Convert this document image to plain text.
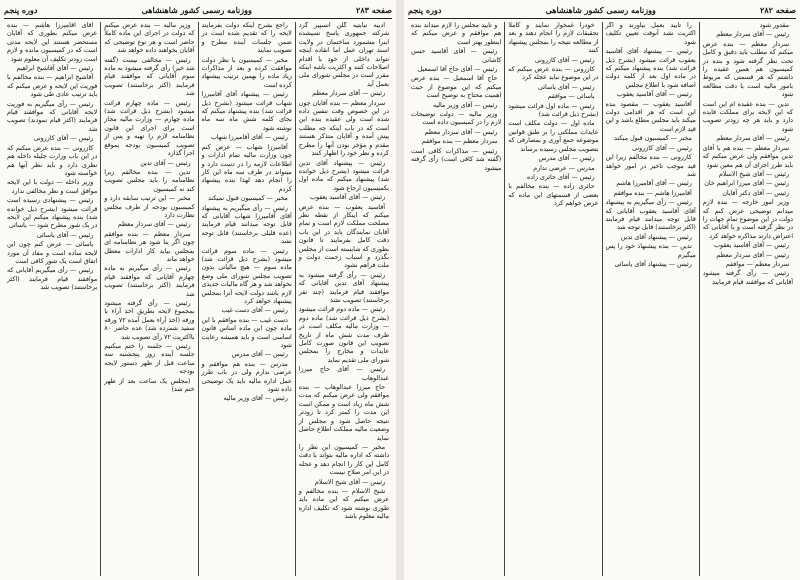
صفحه ۲۸۳
ووزنامه رسمی کشور شاهنشاهی
دوره پنجم

ادبیه نیابتیه گلن انسپیر گرد شرکته جمهوری پاسخ نسپشده اینرا مشمورد ساختمان در ولایت اسند تهران عمل اما انقاده اینچه نتواند داخلی از خود با اقدام اصلاحات کنند و اکثریت باشه اینکه مقرر است در مجلس شورای ملی بعمل آید

رئیس — آقای سردار معظم

سردار معظم — بنده آقایان چون در این خصوص وقت تنفس داده شده است ولی عقیده بنده این است که در باب اینکه چه مطلب پیش آمده و آقایان متذکر هستند مقدم و مؤخر بودن آنها را مطرح کرده و نظر خود را اظهار کنند

رئیس — پیشنهاد آقای تدین قرائت میشود (بشرح ذیل خوانده شد) پیشنهاد میکنم که ماده اول بکمیسیون ارجاع شود

رئیس — آقای آقاسید یعقوب

آقاسید یعقوب — بنده عرض میکنم که اینکار از نقطه نظر مصلحت مملکت لازم است و تمام آقایان نمایندگان باید در این باب دقت کامل بفرمایند تا قانون بطوری که شایسته است از مجلس بگذرد و اسباب زحمت دولت و ملت فراهم نشود

رئیس — رأی گرفته میشود به پیشنهاد آقای تدین آقایانی که موافقند قیام فرمایند (چند نفر برخاستند) تصویب نشد

رئیس — ماده دوم قرائت میشود (بشرح ذیل قرائت شد) ماده دوم — وزارت مالیه مکلف است در ظرف مدت شش ماه از تاریخ تصویب این قانون صورت کامل عایدات و مخارج را بمجلس شورای ملی تقدیم نماید

رئیس — آقای حاج میرزا عبدالوهاب

حاج میرزا عبدالوهاب — بنده موافقم ولی عرض میکنم که مدت شش ماه زیاد است و ممکن است این مدت را کمتر کرد تا زودتر نتیجه حاصل شود و مجلس از وضعیت مالیه مملکت اطلاع حاصل نماید

مخبر — کمیسیون این نظر را داشته که اداره مالیه بتواند با دقت کامل این کار را انجام دهد و عجله در این امر صلاح نیست

رئیس — آقای شیخ الاسلام

شیخ الاسلام — بنده مخالفم و عرض میکنم که این ماده باید طوری نوشته شود که تکلیف اداره مالیه معلوم باشد

راجع بشرح اینکه دولت بفرمایند لایحه را که تقدیم شده است در ضمن جلسات آینده مطرح و تصویب نمایند

مخبر — کمیسیون با نظر دولت موافقت کرده و بعد از مذاکرات زیاد ماده را بهمین ترتیب پیشنهاد کرده است

رئیس — پیشنهاد آقای آقامیرزا شهاب قرائت میشود (بشرح ذیل قرائت شد) بنده پیشنهاد میکنم که بجای کلمه شش ماه سه ماه نوشته شود

رئیس — آقای آقامیرزا شهاب

آقامیرزا شهاب — عرض کنم چون وزارت مالیه تمام ادارات و اطلاعات لازمه را در دست دارد و میتواند در ظرف سه ماه این کار را انجام دهد لهذا بنده پیشنهاد کردم

مخبر — کمیسیون قبول نمیکند

رئیس — رأی میگیریم به پیشنهاد آقای آقامیرزا شهاب آقایانی که قابل توجه میدانند قیام فرمایند (عده قلیلی برخاستند) قابل توجه نشد

رئیس — ماده سوم قرائت میشود (بشرح ذیل قرائت شد) ماده سوم — هیچ مالیاتی بدون تصویب مجلس شورای ملی وضع نخواهد شد و هر گاه مالیات جدیدی لازم باشد دولت لایحه آنرا بمجلس پیشنهاد خواهد کرد

رئیس — آقای دست غیب

دست غیب — بنده موافقم با این ماده چون این ماده اساس قانون اساسی است و باید همیشه رعایت شود

رئیس — آقای مدرس

مدرس — بنده هم موافقم و عرضی ندارم ولی در باب طرز عمل اداره مالیه باید یک توضیحی داده شود

رئیس — آقای وزیر مالیه

وزیر مالیه — بنده عرض میکنم که دولت در اجرای این ماده کاملاً حاضر است و هر نوع توضیحی که آقایان بخواهند داده خواهد شد

رئیس — مخالفی نیست (گفته شد خیر) رأی گرفته میشود به ماده سوم آقایانی که موافقند قیام فرمایند (اکثر برخاستند) تصویب شد

رئیس — ماده چهارم قرائت میشود (بشرح ذیل قرائت شد) ماده چهارم — وزارت مالیه مجاز است برای اجرای این قانون نظامنامه لازم را تهیه و پس از تصویب کمیسیون بودجه بموقع اجرا گذارد

رئیس — آقای تدین

تدین — بنده مخالفم زیرا نظامنامه را باید مجلس تصویب کند نه کمیسیون

مخبر — این ترتیب سابقه دارد و کمیسیون بودجه از طرف مجلس نظارت دارد

رئیس — آقای سردار معظم

سردار معظم — بنده موافقم چون اگر بنا شود هر نظامنامه ای بمجلس بیاید کار ادارات معطل خواهد ماند

رئیس — رأی میگیریم به ماده چهارم آقایانی که موافقند قیام فرمایند (اکثر برخاستند) تصویب شد

رئیس — رأی گرفته میشود بمجموع لایحه بطریق اخذ آراء با ورقه (اخذ آراء بعمل آمده ۷۲ ورقه سفید شمرده شد) عده حاضر ۸۰ بااکثریت ۷۲ رأی تصویب شد

رئیس — جلسه را ختم میکنیم جلسه آینده روز پنجشنبه سه ساعت قبل از ظهر دستور لایحه بودجه

(مجلس یک ساعت بعد از ظهر ختم شد)

آقای آقامیرزا هاشم — بنده عرض میکنم بطوری که آقایان مستحضر هستند این لایحه مدتی است که در کمیسیون مانده و لازم است زودتر تکلیف آن معلوم شود

رئیس — آقای آقاشیخ ابراهیم

آقاشیخ ابراهیم — بنده مخالفم با فوریت این لایحه و عرض میکنم که باید ترتیب عادی طی شود

رئیس — رأی میگیریم به فوریت لایحه آقایانی که موافقند قیام فرمایند (اکثر قیام نمودند) تصویب شد

رئیس — آقای کازرونی

کازرونی — بنده عرض میکنم که در این باب وزارت جلیله داخله هم نظری دارد و باید نظر آنها هم خواسته شود

وزیر داخله — دولت با این لایحه موافق است و نظر مخالفی ندارد

رئیس — پیشنهادی رسیده است قرائت میشود (بشرح ذیل خوانده شد) بنده پیشنهاد میکنم این لایحه در یک شور مطرح شود — یاسائی

رئیس — آقای یاسائی

یاسائی — عرض کنم چون این لایحه ساده است و مفاد آن مورد اتفاق است یک شور کافی است

رئیس — رأی میگیریم آقایانی که موافقند قیام فرمایند (اکثر برخاستند) تصویب شد

صفحه ۲۸۲
ووزنامه رسمی کشور شاهنشاهی
دوره پنجم

مقدور شود

رئیس — آقای سردار معظم

سردار معظم — بنده عرض میکنم که مطلب باید دقیق و کامل تحت نظر گرفته شود و بنده در کمیسیون هم همین عقیده را داشتم که هر قسمتی که مربوط بامور مالیه است با دقت مطالعه شود

تدین — بنده عقیده ام این است که این لایحه برای مملکت فایده دارد و باید هر چه زودتر تصویب شود

رئیس — آقای سردار معظم

سردار معظم — بنده هم با آقای تدین موافقم ولی عرض میکنم که باید طرز اجرای آن هم معین شود

رئیس — آقای شیخ الاسلام

رئیس — آقای میرزا ابراهیم خان

رئیس — آقای دکتر آقایان

وزیر امور خارجه — بنده لازم میدانم توضیحی عرض کنم که دولت در این موضوع تمام جهات را در نظر گرفته است و با آقایانی که اعتراض دارند مذاکره خواهد کرد

رئیس — آقای آقاسید یعقوب

رئیس — آقای سردار معظم

سردار معظم — موافقم

رئیس — رأی گرفته میشود آقایانی که موافقند قیام فرمایند

را تایید بعمل بیاورند و اگر اکثریت نشد آنوقت تعیین تکلیف شود

رئیس — پیشنهاد آقای آقاسید یعقوب قرائت میشود (بشرح ذیل قرائت شد) بنده پیشنهاد میکنم که در ماده اول بعد از کلمه دولت اضافه شود با اطلاع مجلس

رئیس — آقای آقاسید یعقوب

آقاسید یعقوب — مقصود بنده این است که هر اقدامی دولت میکند باید مجلس مطلع باشد و این قید لازم است

مخبر — کمیسیون قبول میکند

رئیس — آقای کازرونی

کازرونی — بنده مخالفم زیرا این قید موجب تاخیر در امور خواهد شد

رئیس — آقای آقامیرزا هاشم

آقامیرزا هاشم — بنده موافقم

رئیس — رأی میگیریم به پیشنهاد آقای آقاسید یعقوب آقایانی که قابل توجه میدانند قیام فرمایند (اکثر برخاستند) قابل توجه شد

رئیس — پیشنهاد آقای تدین

تدین — بنده پیشنهاد خود را پس میگیرم

رئیس — پیشنهاد آقای یاسائی

خودرا غمخوار نمایند و کاملاً تحقیقات لازم را انجام دهند و بعد از مطالعه نتیجه را بمجلس پیشنهاد کنند

رئیس — آقای کازرونی

کازرونی — بنده عرض میکنم که در این موضوع نباید عجله کرد

رئیس — آقای یاسائی

یاسائی — موافقم

رئیس — ماده اول قرائت میشود (بشرح ذیل قرائت شد)

ماده اول — دولت مکلف است عایدات مملکتی را بر طبق قوانین موضوعه جمع آوری و بمصارفی که بتصویب مجلس رسیده برساند

رئیس — آقای مدرس

مدرس — عرضی ندارم

رئیس — آقای حائری زاده

حائری زاده — بنده مخالفم با بعضی از قسمتهای این ماده که عرض خواهم کرد

و تایید مجلس را لازم میداند بنده هم موافقم و عرض میکنم که اینطور بهتر است

رئیس — آقای آقاسید حسن کاشانی

رئیس — آقای حاج آقا اسمعیل

حاج آقا اسمعیل — بنده عرض میکنم که این موضوع از حیث اهمیت محتاج به توضیح است

رئیس — آقای وزیر مالیه

وزیر مالیه — دولت توضیحات لازم را در کمیسیون داده است

رئیس — آقای سردار معظم

سردار معظم — بنده موافقم

رئیس — مذاکرات کافی است (گفته شد کافی است) رأی گرفته میشود
